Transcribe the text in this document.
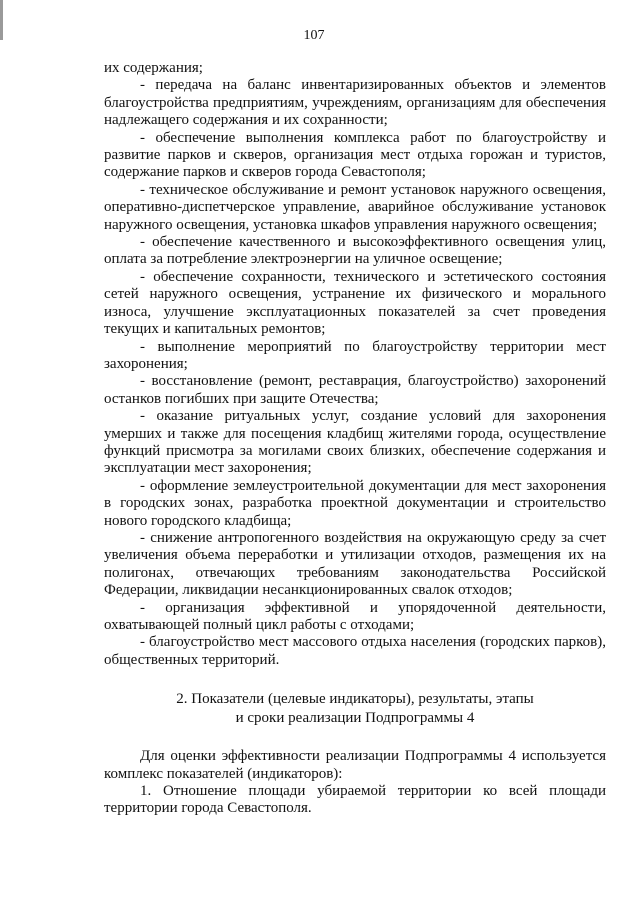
107

их содержания;

- передача на баланс инвентаризированных объектов и элементов благоустройства предприятиям, учреждениям, организациям для обеспечения надлежащего содержания и их сохранности;

- обеспечение выполнения комплекса работ по благоустройству и развитие парков и скверов, организация мест отдыха горожан и туристов, содержание парков и скверов города Севастополя;

- техническое обслуживание и ремонт установок наружного освещения, оперативно-диспетчерское управление, аварийное обслуживание установок наружного освещения, установка шкафов управления наружного освещения;

- обеспечение качественного и высокоэффективного освещения улиц, оплата за потребление электроэнергии на уличное освещение;

- обеспечение сохранности, технического и эстетического состояния сетей наружного освещения, устранение их физического и морального износа, улучшение эксплуатационных показателей за счет проведения текущих и капитальных ремонтов;

- выполнение мероприятий по благоустройству территории мест захоронения;

- восстановление (ремонт, реставрация, благоустройство) захоронений останков погибших при защите Отечества;

- оказание ритуальных услуг, создание условий для захоронения умерших и также для посещения кладбищ жителями города, осуществление функций присмотра за могилами своих близких, обеспечение содержания и эксплуатации мест захоронения;

- оформление землеустроительной документации для мест захоронения в городских зонах, разработка проектной документации и строительство нового городского кладбища;

- снижение антропогенного воздействия на окружающую среду за счет увеличения объема переработки и утилизации отходов, размещения их на полигонах, отвечающих требованиям законодательства Российской Федерации, ликвидации несанкционированных свалок отходов;

- организация эффективной и упорядоченной деятельности, охватывающей полный цикл работы с отходами;

- благоустройство мест массового отдыха населения (городских парков), общественных территорий.

2. Показатели (целевые индикаторы), результаты, этапы
и сроки реализации Подпрограммы 4

Для оценки эффективности реализации Подпрограммы 4 используется комплекс показателей (индикаторов):

1. Отношение площади убираемой территории ко всей площади территории города Севастополя.
